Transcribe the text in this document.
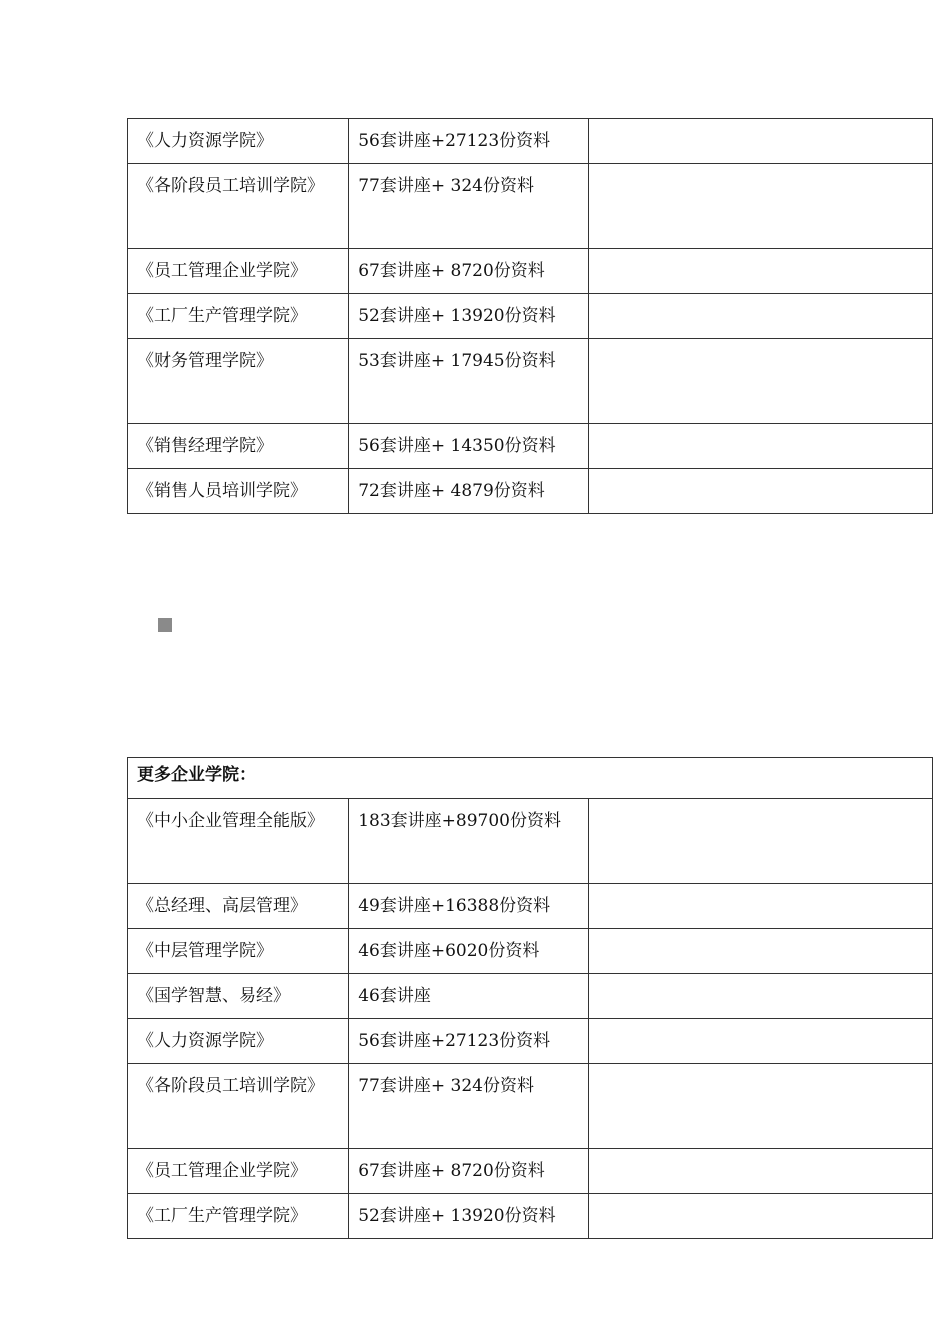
《人力资源学院》	56套讲座+27123份资料	
《各阶段员工培训学院》	77套讲座+ 324份资料	
《员工管理企业学院》	67套讲座+ 8720份资料	
《工厂生产管理学院》	52套讲座+ 13920份资料	
《财务管理学院》	53套讲座+ 17945份资料	
《销售经理学院》	56套讲座+ 14350份资料	
《销售人员培训学院》	72套讲座+ 4879份资料	
更多企业学院：		
《中小企业管理全能版》	183套讲座+89700份资料	
《总经理、高层管理》	49套讲座+16388份资料	
《中层管理学院》	46套讲座+6020份资料	
《国学智慧、易经》	46套讲座	
《人力资源学院》	56套讲座+27123份资料	
《各阶段员工培训学院》	77套讲座+ 324份资料	
《员工管理企业学院》	67套讲座+ 8720份资料	
《工厂生产管理学院》	52套讲座+ 13920份资料	
